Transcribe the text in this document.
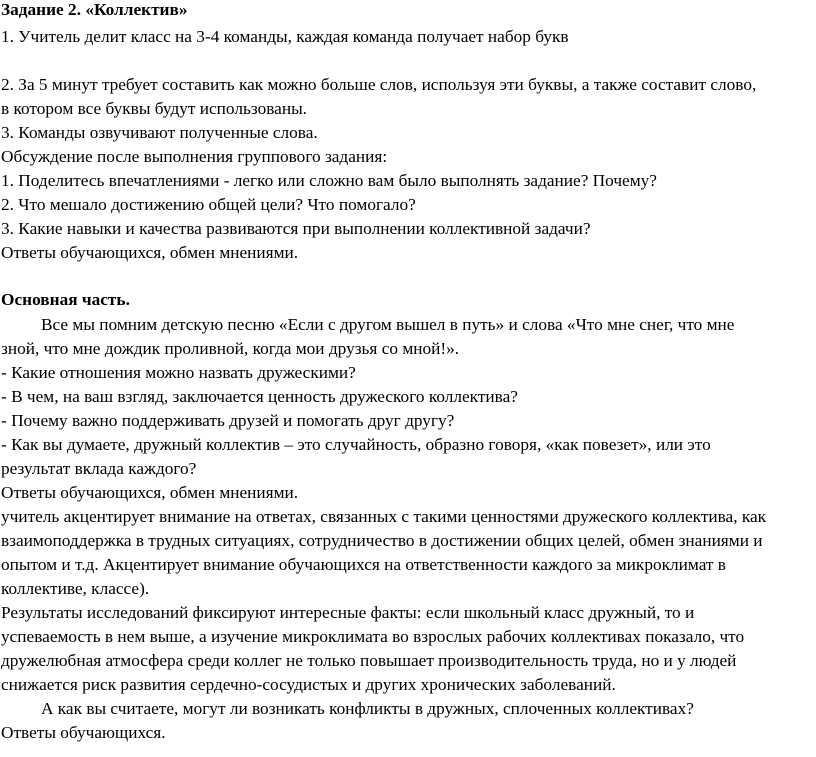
Задание 2. «Коллектив»
1. Учитель делит класс на 3-4 команды, каждая команда получает набор букв
2. За 5 минут требует составить как можно больше слов, используя эти буквы, а также составит слово,
в котором все буквы будут использованы.
3. Команды озвучивают полученные слова.
Обсуждение после выполнения группового задания:
1. Поделитесь впечатлениями - легко или сложно вам было выполнять задание? Почему?
2. Что мешало достижению общей цели? Что помогало?
3. Какие навыки и качества развиваются при выполнении коллективной задачи?
Ответы обучающихся, обмен мнениями.
Основная часть.
Все мы помним детскую песню «Если с другом вышел в путь» и слова «Что мне снег, что мне
зной, что мне дождик проливной, когда мои друзья со мной!».
- Какие отношения можно назвать дружескими?
- В чем, на ваш взгляд, заключается ценность дружеского коллектива?
- Почему важно поддерживать друзей и помогать друг другу?
- Как вы думаете, дружный коллектив – это случайность, образно говоря, «как повезет», или это
результат вклада каждого?
Ответы обучающихся, обмен мнениями.
учитель акцентирует внимание на ответах, связанных с такими ценностями дружеского коллектива, как
взаимоподдержка в трудных ситуациях, сотрудничество в достижении общих целей, обмен знаниями и
опытом и т.д. Акцентирует внимание обучающихся на ответственности каждого за микроклимат в
коллективе, классе).
Результаты исследований фиксируют интересные факты: если школьный класс дружный, то и
успеваемость в нем выше, а изучение микроклимата во взрослых рабочих коллективах показало, что
дружелюбная атмосфера среди коллег не только повышает производительность труда, но и у людей
снижается риск развития сердечно-сосудистых и других хронических заболеваний.
А как вы считаете, могут ли возникать конфликты в дружных, сплоченных коллективах?
Ответы обучающихся.
